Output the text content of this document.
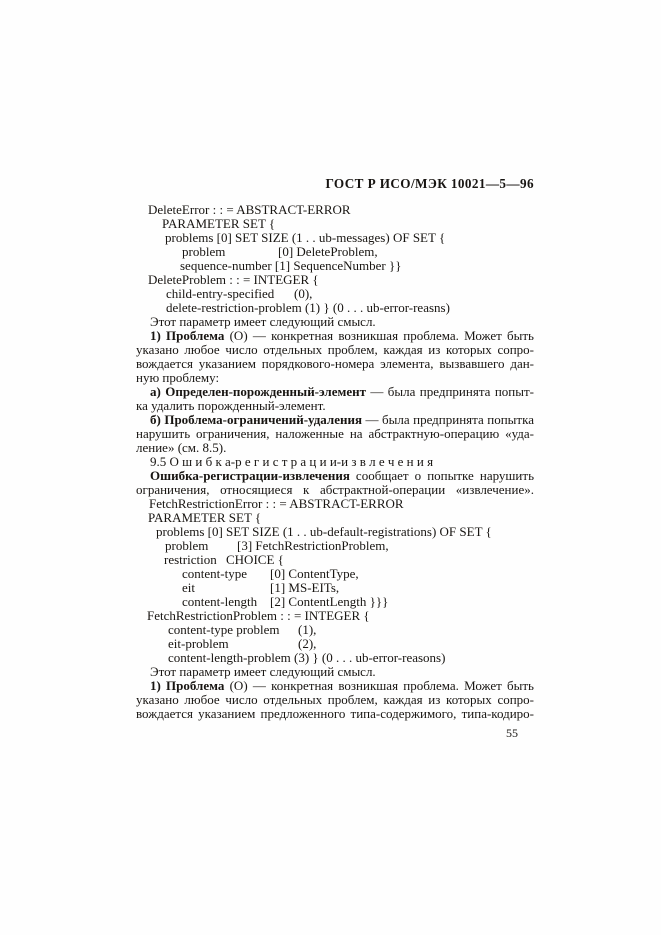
ГОСТ Р ИСО/МЭК 10021—5—96
DeleteError : : = ABSTRACT-ERROR
PARAMETER SET {
problems [0] SET SIZE (1 . . ub-messages) OF SET {
problem	[0] DeleteProblem,
sequence-number [1] SequenceNumber }}
DeleteProblem : : = INTEGER {
child-entry-specified (0),
delete-restriction-problem (1) } (0 . . . ub-error-reasns)
Этот параметр имеет следующий смысл.
1) Проблема (О) — конкретная возникшая проблема. Может быть
указано любое число отдельных проблем, каждая из которых сопро-
вождается указанием порядкового-номера элемента, вызвавшего дан-
ную проблему:
а) Определен-порожденный-элемент — была предпринята попыт-
ка удалить порожденный-элемент.
б) Проблема-ограничений-удаления — была предпринята попытка
нарушить ограничения, наложенные на абстрактную-операцию «уда-
ление» (см. 8.5).
9.5 О ш и б к а-р е г и с т р а ц и и-и з в л е ч е н и я
Ошибка-регистрации-извлечения сообщает о попытке нарушить
ограничения, относящиеся к абстрактной-операции «извлечение».
FetchRestrictionError : : = ABSTRACT-ERROR
PARAMETER SET {
problems [0] SET SIZE (1 . . ub-default-registrations) OF SET {
problem [3] FetchRestrictionProblem,
restriction CHOICE {
content-type [0] ContentType,
eit	[1] MS-EITs,
content-length [2] ContentLength }}}
FetchRestrictionProblem : : = INTEGER {
content-type problem (1),
eit-problem	(2),
content-length-problem (3) } (0 . . . ub-error-reasons)
Этот параметр имеет следующий смысл.
1) Проблема (О) — конкретная возникшая проблема. Может быть
указано любое число отдельных проблем, каждая из которых сопро-
вождается указанием предложенного типа-содержимого, типа-кодиро-
55
